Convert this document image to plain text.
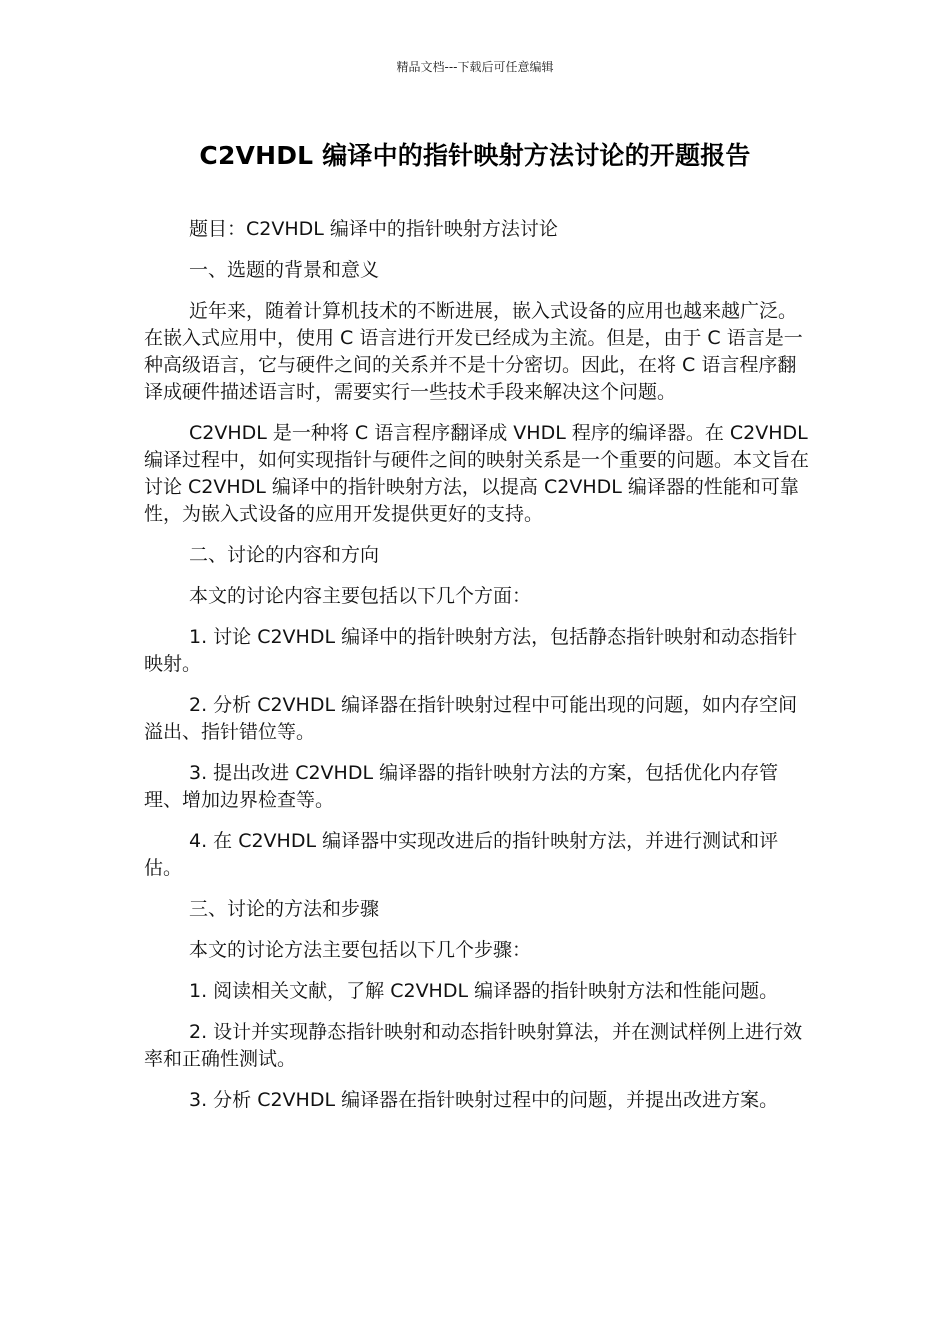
精品文档---下载后可任意编辑
C2VHDL 编译中的指针映射方法讨论的开题报告

题目：C2VHDL 编译中的指针映射方法讨论

一、选题的背景和意义

近年来，随着计算机技术的不断进展，嵌入式设备的应用也越来越广泛。在嵌入式应用中，使用 C 语言进行开发已经成为主流。但是，由于 C 语言是一种高级语言，它与硬件之间的关系并不是十分密切。因此，在将 C 语言程序翻译成硬件描述语言时，需要实行一些技术手段来解决这个问题。

C2VHDL 是一种将 C 语言程序翻译成 VHDL 程序的编译器。在 C2VHDL 编译过程中，如何实现指针与硬件之间的映射关系是一个重要的问题。本文旨在讨论 C2VHDL 编译中的指针映射方法，以提高 C2VHDL 编译器的性能和可靠性，为嵌入式设备的应用开发提供更好的支持。

二、讨论的内容和方向

本文的讨论内容主要包括以下几个方面：

1. 讨论 C2VHDL 编译中的指针映射方法，包括静态指针映射和动态指针映射。

2. 分析 C2VHDL 编译器在指针映射过程中可能出现的问题，如内存空间溢出、指针错位等。

3. 提出改进 C2VHDL 编译器的指针映射方法的方案，包括优化内存管理、增加边界检查等。

4. 在 C2VHDL 编译器中实现改进后的指针映射方法，并进行测试和评估。

三、讨论的方法和步骤

本文的讨论方法主要包括以下几个步骤：

1. 阅读相关文献，了解 C2VHDL 编译器的指针映射方法和性能问题。

2. 设计并实现静态指针映射和动态指针映射算法，并在测试样例上进行效率和正确性测试。

3. 分析 C2VHDL 编译器在指针映射过程中的问题，并提出改进方案。
